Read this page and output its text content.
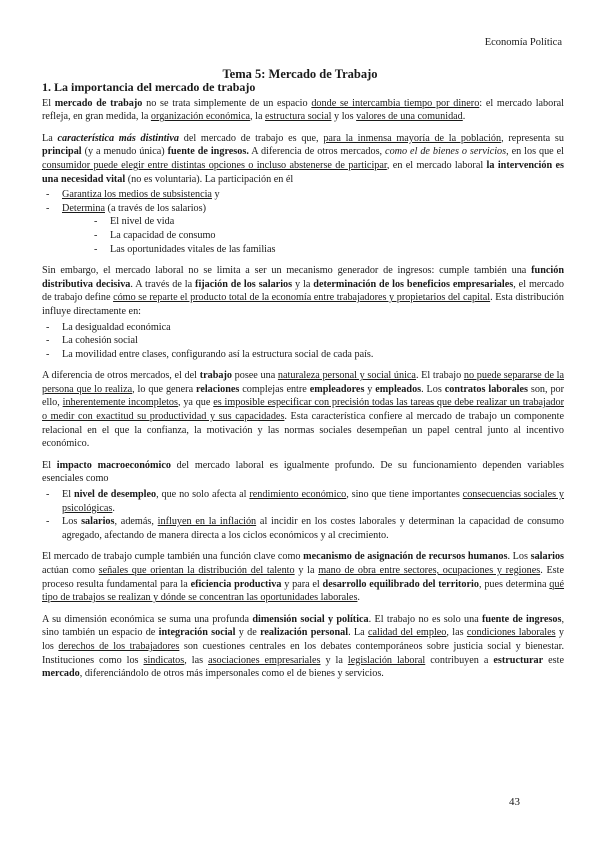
Economía Política
Tema 5: Mercado de Trabajo
1. La importancia del mercado de trabajo

El mercado de trabajo no se trata simplemente de un espacio donde se intercambia tiempo por dinero: el mercado laboral refleja, en gran medida, la organización económica, la estructura social y los valores de una comunidad.

La característica más distintiva del mercado de trabajo es que, para la inmensa mayoría de la población, representa su principal (y a menudo única) fuente de ingresos. A diferencia de otros mercados, como el de bienes o servicios, en los que el consumidor puede elegir entre distintas opciones o incluso abstenerse de participar, en el mercado laboral la intervención es una necesidad vital (no es voluntaria). La participación en él

- Garantiza los medios de subsistencia y
- Determina (a través de los salarios)
- El nivel de vida
- La capacidad de consumo
- Las oportunidades vitales de las familias

Sin embargo, el mercado laboral no se limita a ser un mecanismo generador de ingresos: cumple también una función distributiva decisiva. A través de la fijación de los salarios y la determinación de los beneficios empresariales, el mercado de trabajo define cómo se reparte el producto total de la economía entre trabajadores y propietarios del capital. Esta distribución influye directamente en:

- La desigualdad económica
- La cohesión social
- La movilidad entre clases, configurando así la estructura social de cada país.

A diferencia de otros mercados, el del trabajo posee una naturaleza personal y social única. El trabajo no puede separarse de la persona que lo realiza, lo que genera relaciones complejas entre empleadores y empleados. Los contratos laborales son, por ello, inherentemente incompletos, ya que es imposible especificar con precisión todas las tareas que debe realizar un trabajador o medir con exactitud su productividad y sus capacidades. Esta característica confiere al mercado de trabajo un componente relacional en el que la confianza, la motivación y las normas sociales desempeñan un papel central junto al incentivo económico.

El impacto macroeconómico del mercado laboral es igualmente profundo. De su funcionamiento dependen variables esenciales como

- El nivel de desempleo, que no solo afecta al rendimiento económico, sino que tiene importantes consecuencias sociales y psicológicas.
- Los salarios, además, influyen en la inflación al incidir en los costes laborales y determinan la capacidad de consumo agregado, afectando de manera directa a los ciclos económicos y al crecimiento.

El mercado de trabajo cumple también una función clave como mecanismo de asignación de recursos humanos. Los salarios actúan como señales que orientan la distribución del talento y la mano de obra entre sectores, ocupaciones y regiones. Este proceso resulta fundamental para la eficiencia productiva y para el desarrollo equilibrado del territorio, pues determina qué tipo de trabajos se realizan y dónde se concentran las oportunidades laborales.

A su dimensión económica se suma una profunda dimensión social y política. El trabajo no es solo una fuente de ingresos, sino también un espacio de integración social y de realización personal. La calidad del empleo, las condiciones laborales y los derechos de los trabajadores son cuestiones centrales en los debates contemporáneos sobre justicia social y bienestar. Instituciones como los sindicatos, las asociaciones empresariales y la legislación laboral contribuyen a estructurar este mercado, diferenciándolo de otros más impersonales como el de bienes y servicios.

43
